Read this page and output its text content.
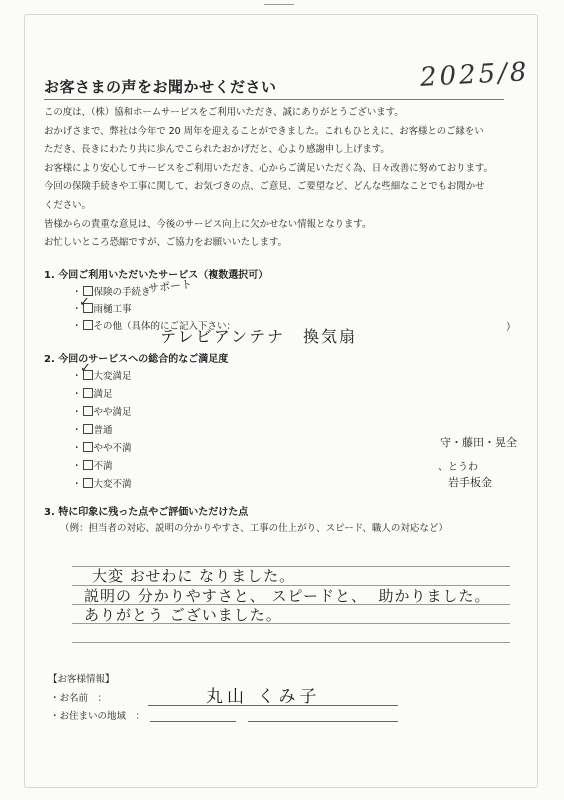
お客さまの声をお聞かせください	2025/8

この度は、（株）協和ホームサービスをご利用いただき、誠にありがとうございます。

おかげさまで、弊社は今年で 20 周年を迎えることができました。これもひとえに、お客様とのご縁をい

ただき、長きにわたり共に歩んでこられたおかげだと、心より感謝申し上げます。

お客様により安心してサービスをご利用いただき、心からご満足いただく為、日々改善に努めております。

今回の保険手続きや工事に関して、お気づきの点、ご意見、ご要望など、どんな些細なことでもお聞かせ

ください。

皆様からの貴重な意見は、今後のサービス向上に欠かせない情報となります。

お忙しいところ恐縮ですが、ご協力をお願いいたします。

1. 今回ご利用いただいたサービス（複数選択可）
・ 保険の手続き
サポート
・ 雨樋工事
✓
・ その他（具体的にご記入下さい：	）
テレビアンテナ　換気扇
2. 今回のサービスへの総合的なご満足度
・ 大変満足
✓
・ 満足
・ やや満足
・ 普通
・ やや不満
・ 不満
・ 大変不満
守・藤田・晃全
、とうわ
岩手板金
3. 特に印象に残った点やご評価いただけた点
（例：担当者の対応、説明の分かりやすさ、工事の仕上がり、スピード、職人の対応など）
大変 おせわに なりました。
説明の 分かりやすさと、 スピードと、  助かりました。
ありがとう ございました。
【お客様情報】
・お名前　：	丸山 くみ子
・お住まいの地域　：
